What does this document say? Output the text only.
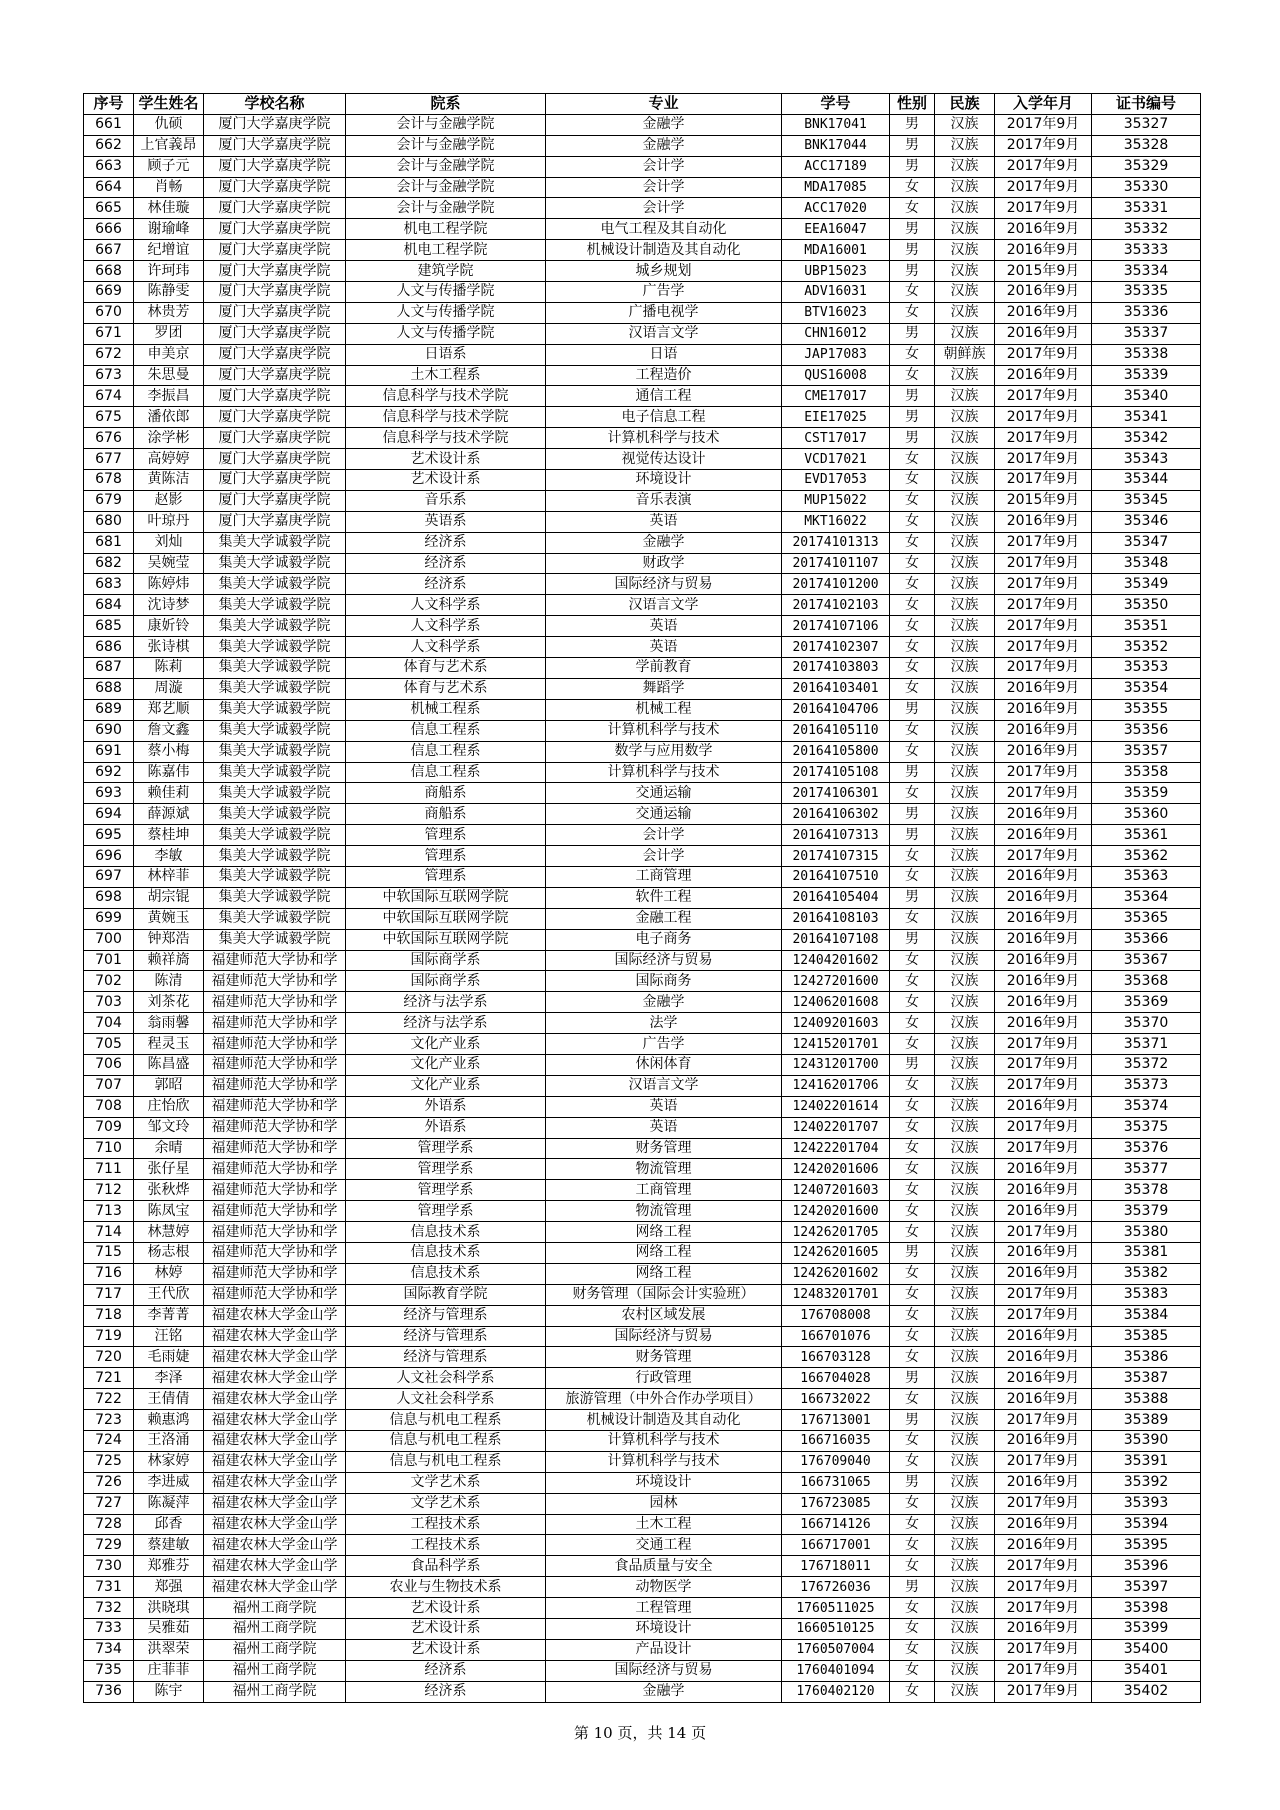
序号	学生姓名	学校名称	院系	专业	学号	性别	民族	入学年月	证书编号
661	仇硕	厦门大学嘉庚学院	会计与金融学院	金融学	BNK17041	男	汉族	2017年9月	35327
662	上官義昂	厦门大学嘉庚学院	会计与金融学院	金融学	BNK17044	男	汉族	2017年9月	35328
663	顾子元	厦门大学嘉庚学院	会计与金融学院	会计学	ACC17189	男	汉族	2017年9月	35329
664	肖畅	厦门大学嘉庚学院	会计与金融学院	会计学	MDA17085	女	汉族	2017年9月	35330
665	林佳璇	厦门大学嘉庚学院	会计与金融学院	会计学	ACC17020	女	汉族	2017年9月	35331
666	谢瑜峰	厦门大学嘉庚学院	机电工程学院	电气工程及其自动化	EEA16047	男	汉族	2016年9月	35332
667	纪增谊	厦门大学嘉庚学院	机电工程学院	机械设计制造及其自动化	MDA16001	男	汉族	2016年9月	35333
668	许珂玮	厦门大学嘉庚学院	建筑学院	城乡规划	UBP15023	男	汉族	2015年9月	35334
669	陈静雯	厦门大学嘉庚学院	人文与传播学院	广告学	ADV16031	女	汉族	2016年9月	35335
670	林贵芳	厦门大学嘉庚学院	人文与传播学院	广播电视学	BTV16023	女	汉族	2016年9月	35336
671	罗团	厦门大学嘉庚学院	人文与传播学院	汉语言文学	CHN16012	男	汉族	2016年9月	35337
672	申美京	厦门大学嘉庚学院	日语系	日语	JAP17083	女	朝鲜族	2017年9月	35338
673	朱思曼	厦门大学嘉庚学院	土木工程系	工程造价	QUS16008	女	汉族	2016年9月	35339
674	李振昌	厦门大学嘉庚学院	信息科学与技术学院	通信工程	CME17017	男	汉族	2017年9月	35340
675	潘依郎	厦门大学嘉庚学院	信息科学与技术学院	电子信息工程	EIE17025	男	汉族	2017年9月	35341
676	涂学彬	厦门大学嘉庚学院	信息科学与技术学院	计算机科学与技术	CST17017	男	汉族	2017年9月	35342
677	高婷婷	厦门大学嘉庚学院	艺术设计系	视觉传达设计	VCD17021	女	汉族	2017年9月	35343
678	黄陈洁	厦门大学嘉庚学院	艺术设计系	环境设计	EVD17053	女	汉族	2017年9月	35344
679	赵影	厦门大学嘉庚学院	音乐系	音乐表演	MUP15022	女	汉族	2015年9月	35345
680	叶琼丹	厦门大学嘉庚学院	英语系	英语	MKT16022	女	汉族	2016年9月	35346
681	刘灿	集美大学诚毅学院	经济系	金融学	20174101313	女	汉族	2017年9月	35347
682	吴婉莹	集美大学诚毅学院	经济系	财政学	20174101107	女	汉族	2017年9月	35348
683	陈婷炜	集美大学诚毅学院	经济系	国际经济与贸易	20174101200	女	汉族	2017年9月	35349
684	沈诗梦	集美大学诚毅学院	人文科学系	汉语言文学	20174102103	女	汉族	2017年9月	35350
685	康妡铃	集美大学诚毅学院	人文科学系	英语	20174107106	女	汉族	2017年9月	35351
686	张诗棋	集美大学诚毅学院	人文科学系	英语	20174102307	女	汉族	2017年9月	35352
687	陈莉	集美大学诚毅学院	体育与艺术系	学前教育	20174103803	女	汉族	2017年9月	35353
688	周漩	集美大学诚毅学院	体育与艺术系	舞蹈学	20164103401	女	汉族	2016年9月	35354
689	郑艺顺	集美大学诚毅学院	机械工程系	机械工程	20164104706	男	汉族	2016年9月	35355
690	詹文鑫	集美大学诚毅学院	信息工程系	计算机科学与技术	20164105110	女	汉族	2016年9月	35356
691	蔡小梅	集美大学诚毅学院	信息工程系	数学与应用数学	20164105800	女	汉族	2016年9月	35357
692	陈嘉伟	集美大学诚毅学院	信息工程系	计算机科学与技术	20174105108	男	汉族	2017年9月	35358
693	赖佳莉	集美大学诚毅学院	商船系	交通运输	20174106301	女	汉族	2017年9月	35359
694	薛源斌	集美大学诚毅学院	商船系	交通运输	20164106302	男	汉族	2016年9月	35360
695	蔡桂坤	集美大学诚毅学院	管理系	会计学	20164107313	男	汉族	2016年9月	35361
696	李敏	集美大学诚毅学院	管理系	会计学	20174107315	女	汉族	2017年9月	35362
697	林梓菲	集美大学诚毅学院	管理系	工商管理	20164107510	女	汉族	2016年9月	35363
698	胡宗锟	集美大学诚毅学院	中软国际互联网学院	软件工程	20164105404	男	汉族	2016年9月	35364
699	黄婉玉	集美大学诚毅学院	中软国际互联网学院	金融工程	20164108103	女	汉族	2016年9月	35365
700	钟郑浩	集美大学诚毅学院	中软国际互联网学院	电子商务	20164107108	男	汉族	2016年9月	35366
701	赖祥旖	福建师范大学协和学	国际商学系	国际经济与贸易	12404201602	女	汉族	2016年9月	35367
702	陈清	福建师范大学协和学	国际商学系	国际商务	12427201600	女	汉族	2016年9月	35368
703	刘茶花	福建师范大学协和学	经济与法学系	金融学	12406201608	女	汉族	2016年9月	35369
704	翁雨馨	福建师范大学协和学	经济与法学系	法学	12409201603	女	汉族	2016年9月	35370
705	程灵玉	福建师范大学协和学	文化产业系	广告学	12415201701	女	汉族	2017年9月	35371
706	陈昌盛	福建师范大学协和学	文化产业系	休闲体育	12431201700	男	汉族	2017年9月	35372
707	郭昭	福建师范大学协和学	文化产业系	汉语言文学	12416201706	女	汉族	2017年9月	35373
708	庄怡欣	福建师范大学协和学	外语系	英语	12402201614	女	汉族	2016年9月	35374
709	邹文玲	福建师范大学协和学	外语系	英语	12402201707	女	汉族	2017年9月	35375
710	余晴	福建师范大学协和学	管理学系	财务管理	12422201704	女	汉族	2017年9月	35376
711	张仔星	福建师范大学协和学	管理学系	物流管理	12420201606	女	汉族	2016年9月	35377
712	张秋烨	福建师范大学协和学	管理学系	工商管理	12407201603	女	汉族	2016年9月	35378
713	陈凤宝	福建师范大学协和学	管理学系	物流管理	12420201600	女	汉族	2016年9月	35379
714	林慧婷	福建师范大学协和学	信息技术系	网络工程	12426201705	女	汉族	2017年9月	35380
715	杨志根	福建师范大学协和学	信息技术系	网络工程	12426201605	男	汉族	2016年9月	35381
716	林婷	福建师范大学协和学	信息技术系	网络工程	12426201602	女	汉族	2016年9月	35382
717	王代欣	福建师范大学协和学	国际教育学院	财务管理（国际会计实验班）	12483201701	女	汉族	2017年9月	35383
718	李菁菁	福建农林大学金山学	经济与管理系	农村区域发展	176708008	女	汉族	2017年9月	35384
719	汪铭	福建农林大学金山学	经济与管理系	国际经济与贸易	166701076	女	汉族	2016年9月	35385
720	毛雨婕	福建农林大学金山学	经济与管理系	财务管理	166703128	女	汉族	2016年9月	35386
721	李泽	福建农林大学金山学	人文社会科学系	行政管理	166704028	男	汉族	2016年9月	35387
722	王倩倩	福建农林大学金山学	人文社会科学系	旅游管理（中外合作办学项目）	166732022	女	汉族	2016年9月	35388
723	赖惠鸿	福建农林大学金山学	信息与机电工程系	机械设计制造及其自动化	176713001	男	汉族	2017年9月	35389
724	王洛涌	福建农林大学金山学	信息与机电工程系	计算机科学与技术	166716035	女	汉族	2016年9月	35390
725	林家婷	福建农林大学金山学	信息与机电工程系	计算机科学与技术	176709040	女	汉族	2017年9月	35391
726	李进威	福建农林大学金山学	文学艺术系	环境设计	166731065	男	汉族	2016年9月	35392
727	陈凝萍	福建农林大学金山学	文学艺术系	园林	176723085	女	汉族	2017年9月	35393
728	邱香	福建农林大学金山学	工程技术系	土木工程	166714126	女	汉族	2016年9月	35394
729	蔡建敏	福建农林大学金山学	工程技术系	交通工程	166717001	女	汉族	2016年9月	35395
730	郑雅芬	福建农林大学金山学	食品科学系	食品质量与安全	176718011	女	汉族	2017年9月	35396
731	郑强	福建农林大学金山学	农业与生物技术系	动物医学	176726036	男	汉族	2017年9月	35397
732	洪晓琪	福州工商学院	艺术设计系	工程管理	1760511025	女	汉族	2017年9月	35398
733	吴雅茹	福州工商学院	艺术设计系	环境设计	1660510125	女	汉族	2016年9月	35399
734	洪翠荣	福州工商学院	艺术设计系	产品设计	1760507004	女	汉族	2017年9月	35400
735	庄菲菲	福州工商学院	经济系	国际经济与贸易	1760401094	女	汉族	2017年9月	35401
736	陈宇	福州工商学院	经济系	金融学	1760402120	女	汉族	2017年9月	35402
第 10 页，共 14 页
